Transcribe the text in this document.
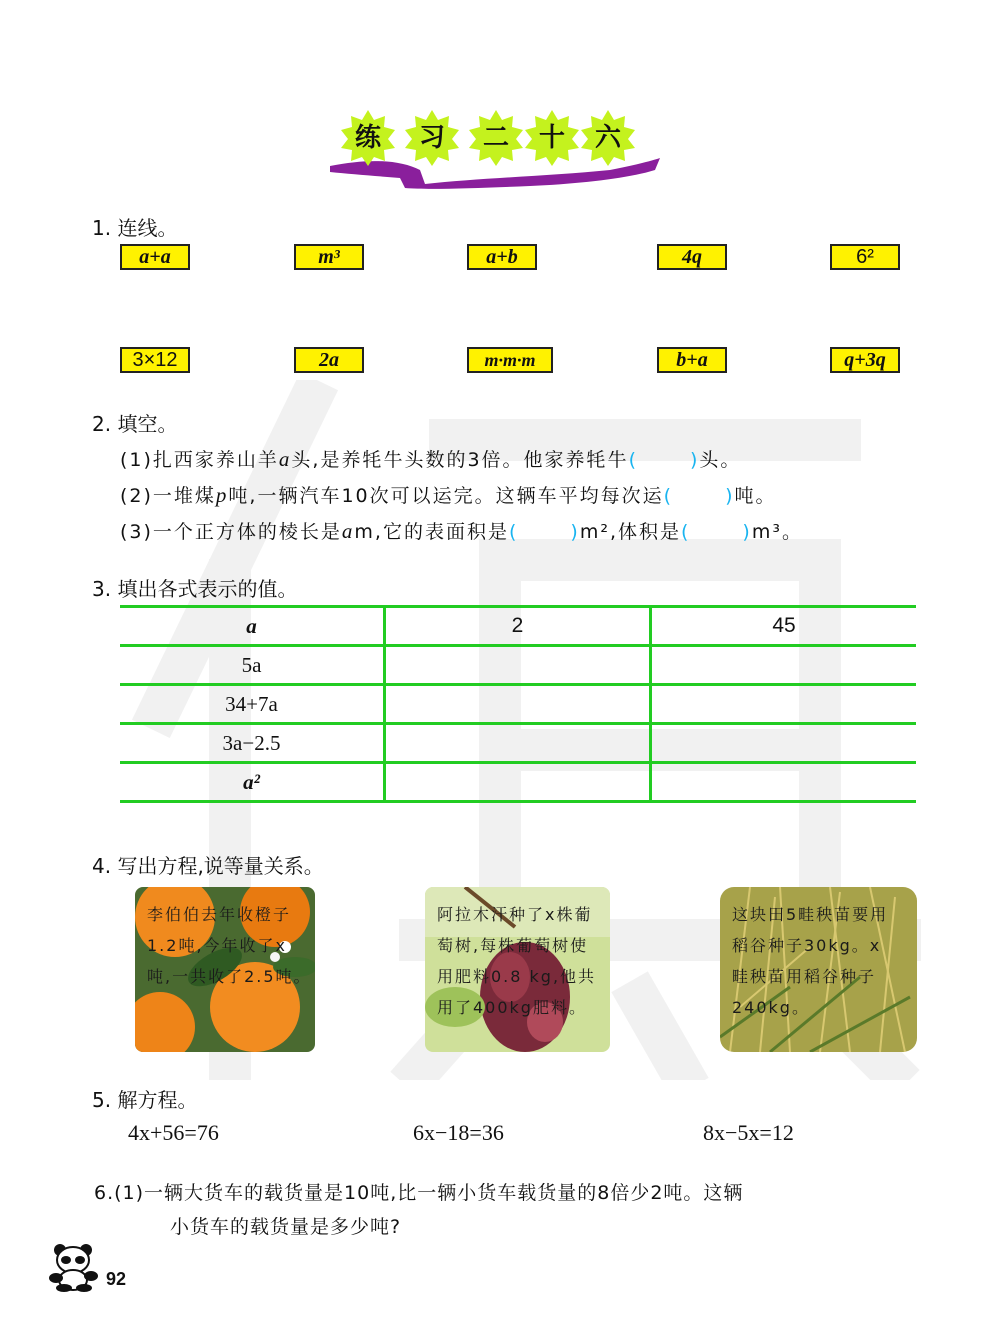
练	习	二	十	六
1. 连线。
a+a	m³	a+b	4q	6²
3×12	2a	m·m·m	b+a	q+3q
2. 填空。
(1)扎西家养山羊a头,是养牦牛头数的3倍。他家养牦牛(	)头。
(2)一堆煤p吨,一辆汽车10次可以运完。这辆车平均每次运(	)吨。
(3)一个正方体的棱长是am,它的表面积是(	)m²,体积是(	)m³。
3. 填出各式表示的值。
a	2	45
5a		
34+7a		
3a−2.5		
a²		
4. 写出方程,说等量关系。
李伯伯去年收橙子1.2吨,今年收了x吨,一共收了2.5吨。
阿拉木汗种了x株葡萄树,每株葡萄树使用肥料0.8 kg,他共用了400kg肥料。
这块田5畦秧苗要用稻谷种子30kg。x畦秧苗用稻谷种子240kg。
5. 解方程。
4x+56=76	6x−18=36	8x−5x=12
6.(1)一辆大货车的载货量是10吨,比一辆小货车载货量的8倍少2吨。这辆
小货车的载货量是多少吨?
92
